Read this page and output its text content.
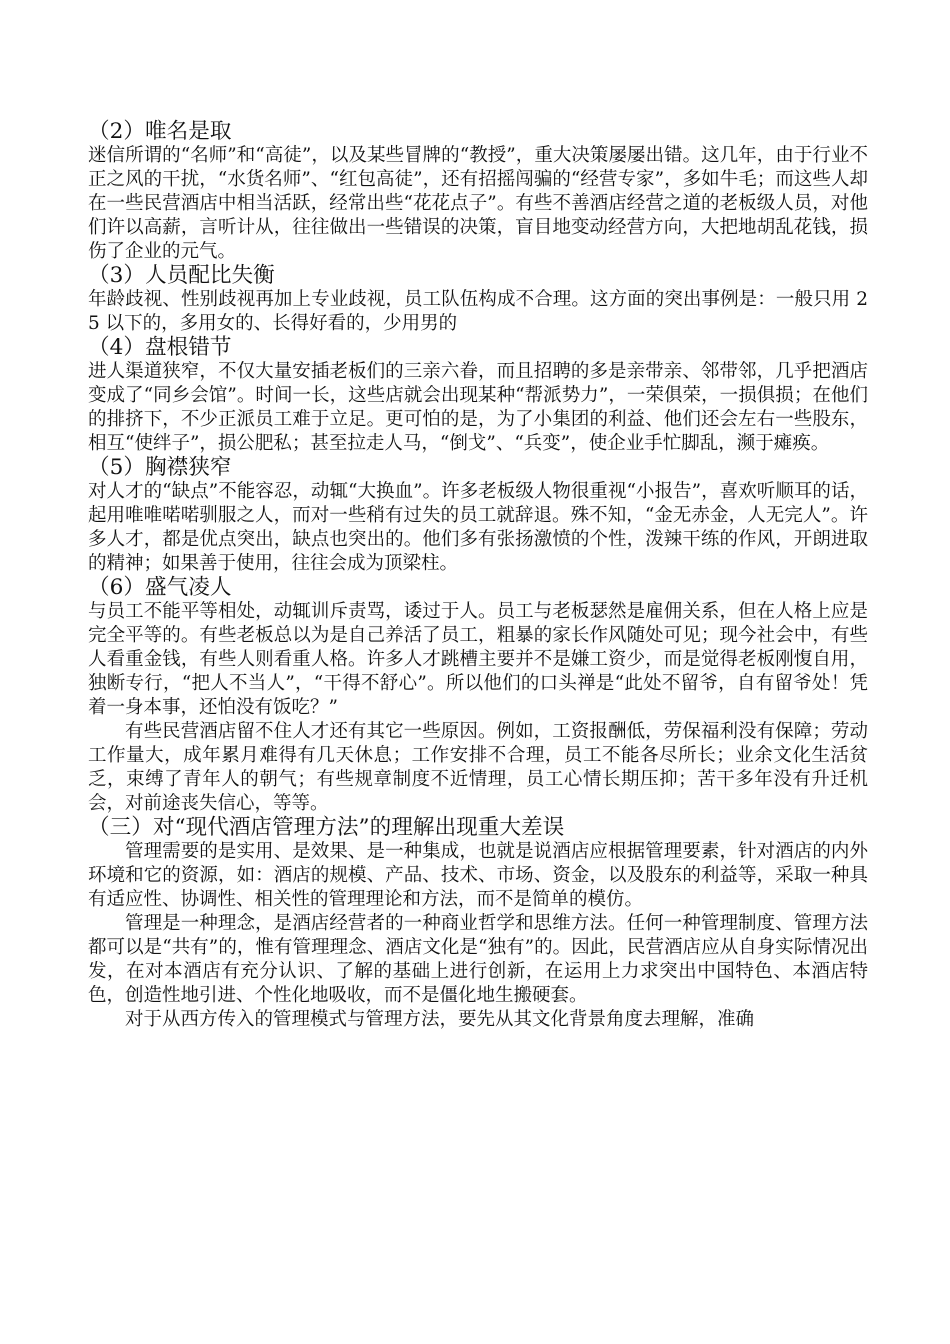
（2）唯名是取

迷信所谓的“名师”和“高徒”，以及某些冒牌的“教授”，重大决策屡屡出错。这几年，由于行业不正之风的干扰，“水货名师”、“红包高徒”，还有招摇闯骗的“经营专家”，多如牛毛；而这些人却在一些民营酒店中相当活跃，经常出些“花花点子”。有些不善酒店经营之道的老板级人员，对他们许以高薪，言听计从，往往做出一些错误的决策，盲目地变动经营方向，大把地胡乱花钱，损伤了企业的元气。

（3）人员配比失衡

年龄歧视、性别歧视再加上专业歧视，员工队伍构成不合理。这方面的突出事例是：一般只用 25 以下的，多用女的、长得好看的，少用男的

（4）盘根错节

进人渠道狭窄，不仅大量安插老板们的三亲六眷，而且招聘的多是亲带亲、邻带邻，几乎把酒店变成了“同乡会馆”。时间一长，这些店就会出现某种“帮派势力”，一荣俱荣，一损俱损；在他们的排挤下，不少正派员工难于立足。更可怕的是，为了小集团的利益、他们还会左右一些股东，相互“使绊子”，损公肥私；甚至拉走人马，“倒戈”、“兵变”，使企业手忙脚乱，濒于瘫痪。

（5）胸襟狭窄

对人才的“缺点”不能容忍，动辄“大换血”。许多老板级人物很重视“小报告”，喜欢听顺耳的话，起用唯唯喏喏驯服之人，而对一些稍有过失的员工就辞退。殊不知，“金无赤金，人无完人”。许多人才，都是优点突出，缺点也突出的。他们多有张扬激愤的个性，泼辣干练的作风，开朗进取的精神；如果善于使用，往往会成为顶梁柱。

（6）盛气凌人

与员工不能平等相处，动辄训斥责骂，诿过于人。员工与老板瑟然是雇佣关系，但在人格上应是完全平等的。有些老板总以为是自己养活了员工，粗暴的家长作风随处可见；现今社会中，有些人看重金钱，有些人则看重人格。许多人才跳槽主要并不是嫌工资少，而是觉得老板刚愎自用，独断专行，“把人不当人”，“干得不舒心”。所以他们的口头禅是“此处不留爷，自有留爷处！凭着一身本事，还怕没有饭吃？”

有些民营酒店留不住人才还有其它一些原因。例如，工资报酬低，劳保福利没有保障；劳动工作量大，成年累月难得有几天休息；工作安排不合理，员工不能各尽所长；业余文化生活贫乏，束缚了青年人的朝气；有些规章制度不近情理，员工心情长期压抑；苦干多年没有升迁机会，对前途丧失信心，等等。

（三）对“现代酒店管理方法”的理解出现重大差误

管理需要的是实用、是效果、是一种集成，也就是说酒店应根据管理要素，针对酒店的内外环境和它的资源，如：酒店的规模、产品、技术、市场、资金，以及股东的利益等，采取一种具有适应性、协调性、相关性的管理理论和方法，而不是简单的模仿。

管理是一种理念，是酒店经营者的一种商业哲学和思维方法。任何一种管理制度、管理方法都可以是“共有”的，惟有管理理念、酒店文化是“独有”的。因此，民营酒店应从自身实际情况出发，在对本酒店有充分认识、了解的基础上进行创新，在运用上力求突出中国特色、本酒店特色，创造性地引进、个性化地吸收，而不是僵化地生搬硬套。

对于从西方传入的管理模式与管理方法，要先从其文化背景角度去理解，准确
